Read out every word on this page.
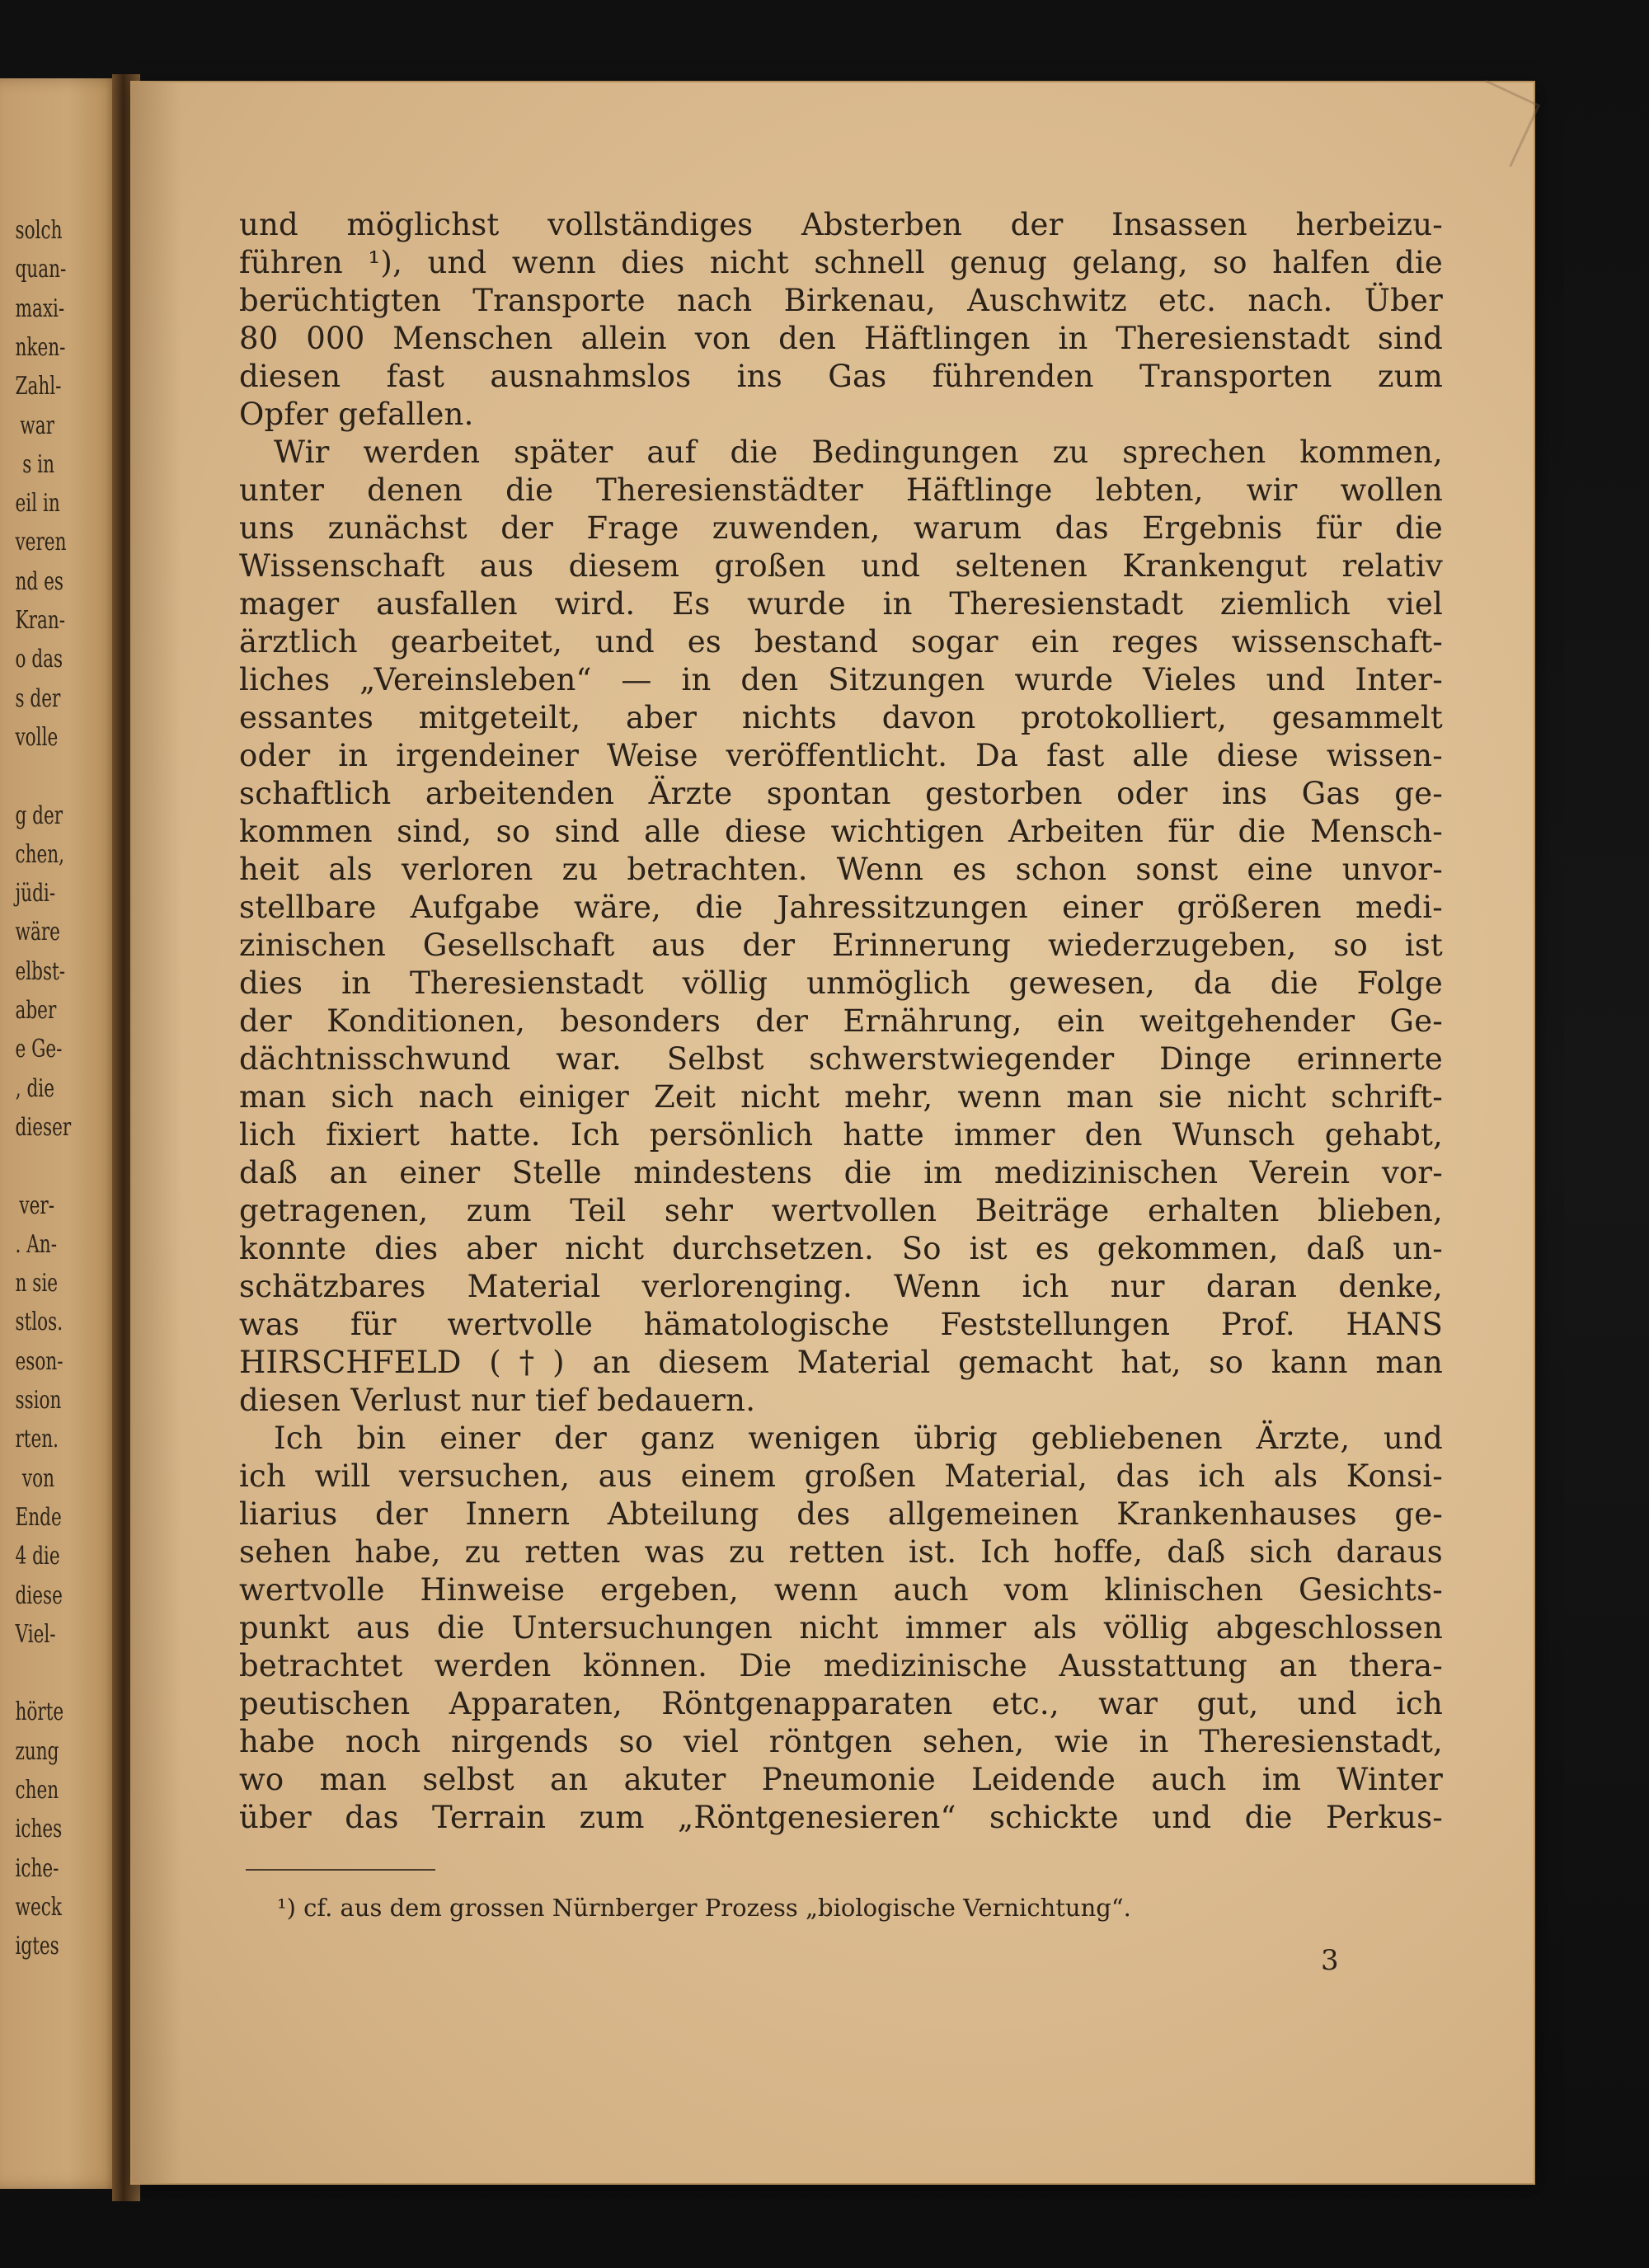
solch
quan-
maxi-
nken-
Zahl-
war
s in
eil in
veren
nd es
Kran-
o das
s der
volle
g der
chen,
jüdi-
wäre
elbst-
aber
e Ge-
, die
dieser
ver-
. An-
n sie
stlos.
eson-
ssion
rten.
von
Ende
4 die
diese
Viel-
hörte
zung
chen
iches
iche-
weck
igtes
und möglichst vollständiges Absterben der Insassen herbeizu-
führen ¹), und wenn dies nicht schnell genug gelang, so halfen die
berüchtigten Transporte nach Birkenau, Auschwitz etc. nach. Über
80 000 Menschen allein von den Häftlingen in Theresienstadt sind
diesen fast ausnahmslos ins Gas führenden Transporten zum
Opfer gefallen.
Wir werden später auf die Bedingungen zu sprechen kommen,
unter denen die Theresienstädter Häftlinge lebten, wir wollen
uns zunächst der Frage zuwenden, warum das Ergebnis für die
Wissenschaft aus diesem großen und seltenen Krankengut relativ
mager ausfallen wird. Es wurde in Theresienstadt ziemlich viel
ärztlich gearbeitet, und es bestand sogar ein reges wissenschaft-
liches „Vereinsleben“ — in den Sitzungen wurde Vieles und Inter-
essantes mitgeteilt, aber nichts davon protokolliert, gesammelt
oder in irgendeiner Weise veröffentlicht. Da fast alle diese wissen-
schaftlich arbeitenden Ärzte spontan gestorben oder ins Gas ge-
kommen sind, so sind alle diese wichtigen Arbeiten für die Mensch-
heit als verloren zu betrachten. Wenn es schon sonst eine unvor-
stellbare Aufgabe wäre, die Jahressitzungen einer größeren medi-
zinischen Gesellschaft aus der Erinnerung wiederzugeben, so ist
dies in Theresienstadt völlig unmöglich gewesen, da die Folge
der Konditionen, besonders der Ernährung, ein weitgehender Ge-
dächtnisschwund war. Selbst schwerstwiegender Dinge erinnerte
man sich nach einiger Zeit nicht mehr, wenn man sie nicht schrift-
lich fixiert hatte. Ich persönlich hatte immer den Wunsch gehabt,
daß an einer Stelle mindestens die im medizinischen Verein vor-
getragenen, zum Teil sehr wertvollen Beiträge erhalten blieben,
konnte dies aber nicht durchsetzen. So ist es gekommen, daß un-
schätzbares Material verlorenging. Wenn ich nur daran denke,
was für wertvolle hämatologische Feststellungen Prof. HANS
HIRSCHFELD (†) an diesem Material gemacht hat, so kann man
diesen Verlust nur tief bedauern.
Ich bin einer der ganz wenigen übrig gebliebenen Ärzte, und
ich will versuchen, aus einem großen Material, das ich als Konsi-
liarius der Innern Abteilung des allgemeinen Krankenhauses ge-
sehen habe, zu retten was zu retten ist. Ich hoffe, daß sich daraus
wertvolle Hinweise ergeben, wenn auch vom klinischen Gesichts-
punkt aus die Untersuchungen nicht immer als völlig abgeschlossen
betrachtet werden können. Die medizinische Ausstattung an thera-
peutischen Apparaten, Röntgenapparaten etc., war gut, und ich
habe noch nirgends so viel röntgen sehen, wie in Theresienstadt,
wo man selbst an akuter Pneumonie Leidende auch im Winter
über das Terrain zum „Röntgenesieren“ schickte und die Perkus-
¹) cf. aus dem grossen Nürnberger Prozess „biologische Vernichtung“.
3
